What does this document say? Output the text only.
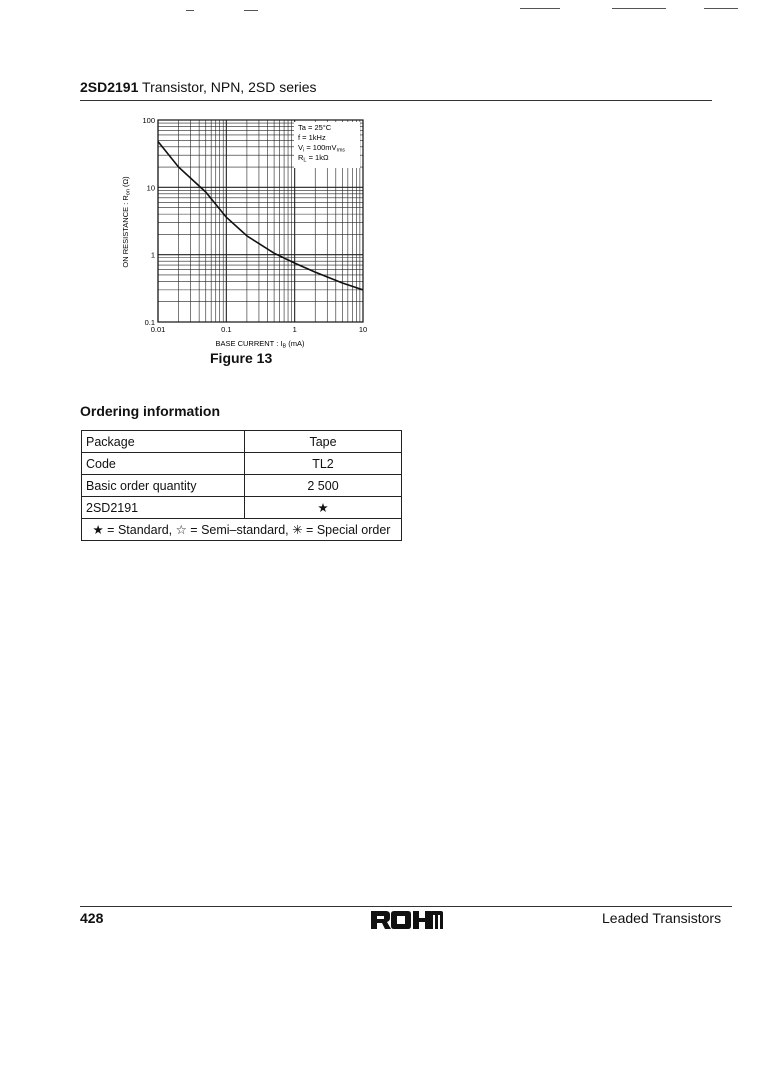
2SD2191 Transistor, NPN, 2SD series
0.01	0.1	1	10
100
10
1
0.1
Ta = 25°C
f = 1kHz
$V_i = 100mV_{rms}$
$R_L = 1k\Omega$
BASE CURRENT : $I_B$ (mA)
ON RESISTANCE : $R_{on}$ (Ω)
Figure 13
Ordering information
Package	Tape
Code	TL2
Basic order quantity	2 500
2SD2191	★
★ = Standard, ☆ = Semi–standard, ✳ = Special order	
428
ROHM
Leaded Transistors
